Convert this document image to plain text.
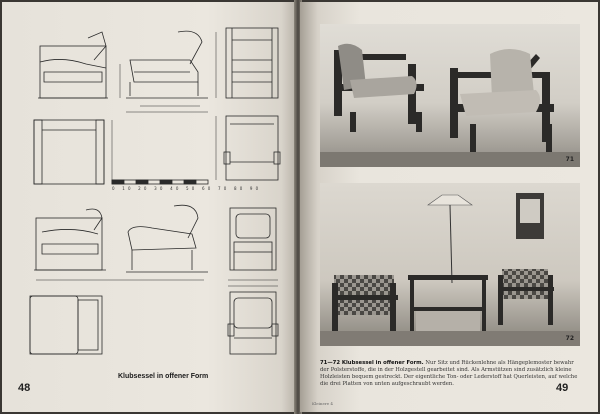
0 10 20 30 40 50 60 70 80 90
Klubsessel in offener Form
48
71
72
71—72 Klubsessel in offener Form. Nur Sitz und Rückenlehne als Hängeplemoster bewahr der Polsterstoffe, die in der Holzgestell gearbeitet sind. Als Armstützen sind zusätzlich kleine Holzleisten bequem gestreckt. Der eigentliche Ton- oder Lederstoff hat Querleisten, auf welche die drei Platten von unten aufgeschraubt werden.	49
Kleinere 4
